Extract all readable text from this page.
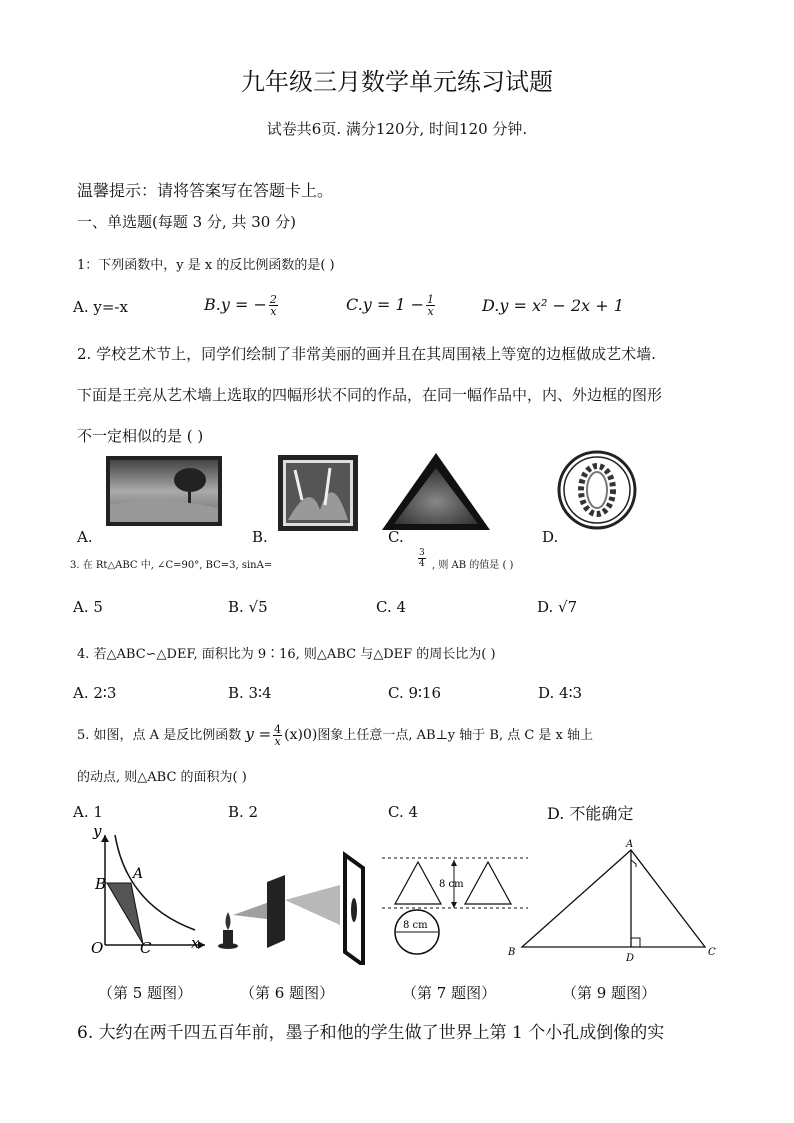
九年级三月数学单元练习试题
试卷共6页. 满分120分, 时间120 分钟.
温馨提示：请将答案写在答题卡上。
一、单选题(每题 3 分, 共 30 分)
1：下列函数中，y 是 x 的反比例函数的是( )
A. y=-x	B.y = − $\frac{2}{x}$	$C.y = 1 - \frac{1}{x}$	D.y = x² − 2x + 1
2. 学校艺术节上，同学们绘制了非常美丽的画并且在其周围裱上等宽的边框做成艺术墙.
下面是王亮从艺术墙上选取的四幅形状不同的作品，在同一幅作品中，内、外边框的图形
不一定相似的是 ( )
A.	B.	C.	D.
3. 在 Rt△ABC 中, ∠C=90°, BC=3, sinA=	$\frac{3}{4}$ , 则 AB 的值是 ( )
A. 5	B. √5	C. 4	D. √7
4. 若△ABC∽△DEF, 面积比为 9∶16, 则△ABC 与△DEF 的周长比为( )
A. 2∶3	B. 3∶4	C. 9∶16	D. 4∶3
5. 如图，点 A 是反比例函数 $y = \frac{4}{x} (x)0$)图象上任意一点, AB⊥y 轴于 B, 点 C 是 x 轴上
的动点, 则△ABC 的面积为( )
A. 1	B. 2	C. 4	D. 不能确定
y
x
O
A
B
C
8 cm
8 cm
A
B	C
D
（第 5 题图）	（第 6 题图）	（第 7 题图）	（第 9 题图）
6. 大约在两千四五百年前，墨子和他的学生做了世界上第 1 个小孔成倒像的实
